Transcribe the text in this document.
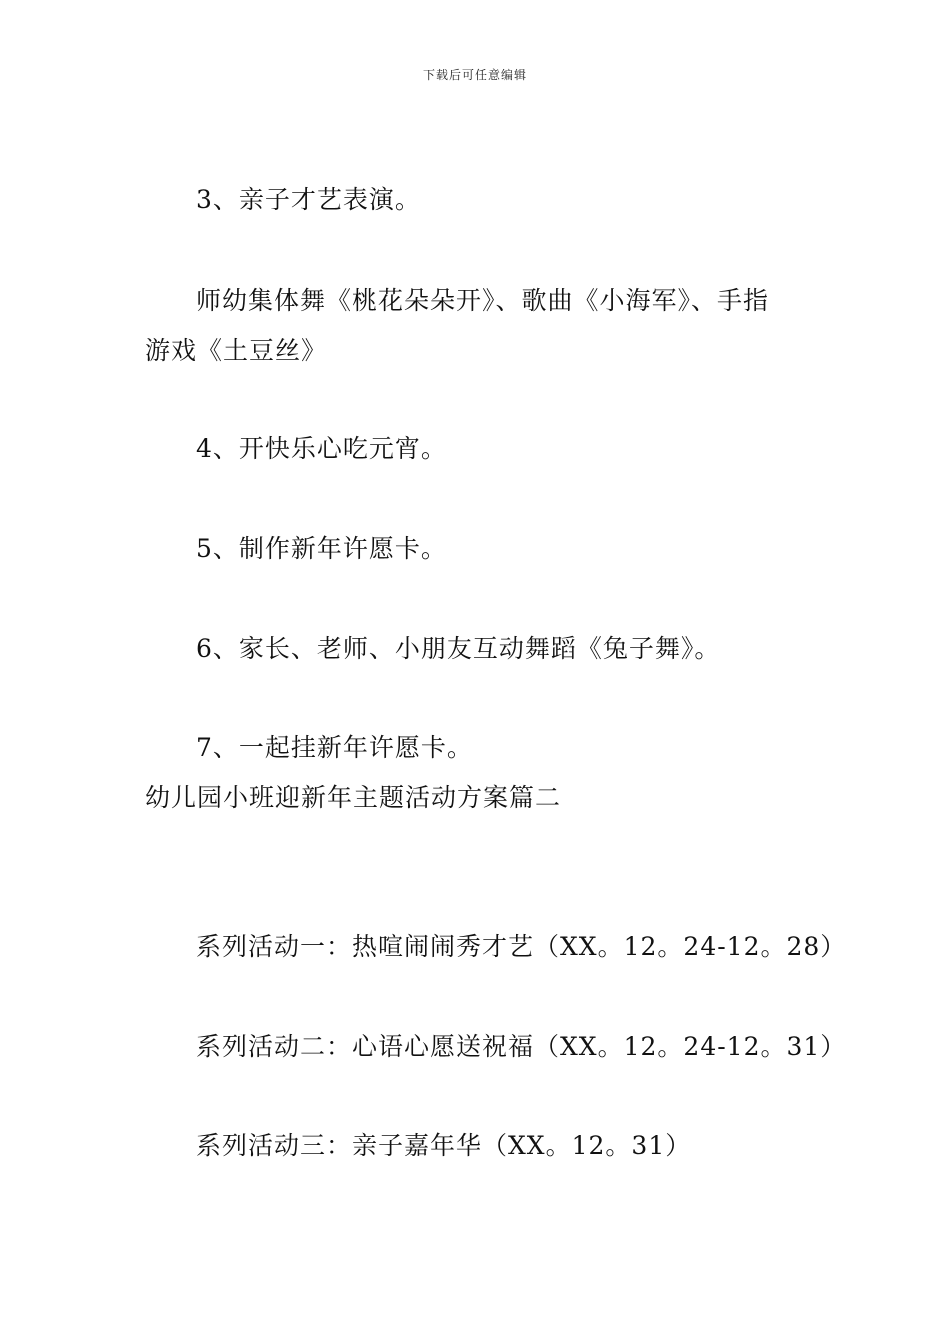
下载后可任意编辑
3、亲子才艺表演。
师幼集体舞《桃花朵朵开》、歌曲《小海军》、手指
游戏《土豆丝》
4、开快乐心吃元宵。
5、制作新年许愿卡。
6、家长、老师、小朋友互动舞蹈《兔子舞》。
7、一起挂新年许愿卡。
幼儿园小班迎新年主题活动方案篇二
系列活动一：热喧闹闹秀才艺（XX。12。24-12。28）
系列活动二：心语心愿送祝福（XX。12。24-12。31）
系列活动三：亲子嘉年华（XX。12。31）
